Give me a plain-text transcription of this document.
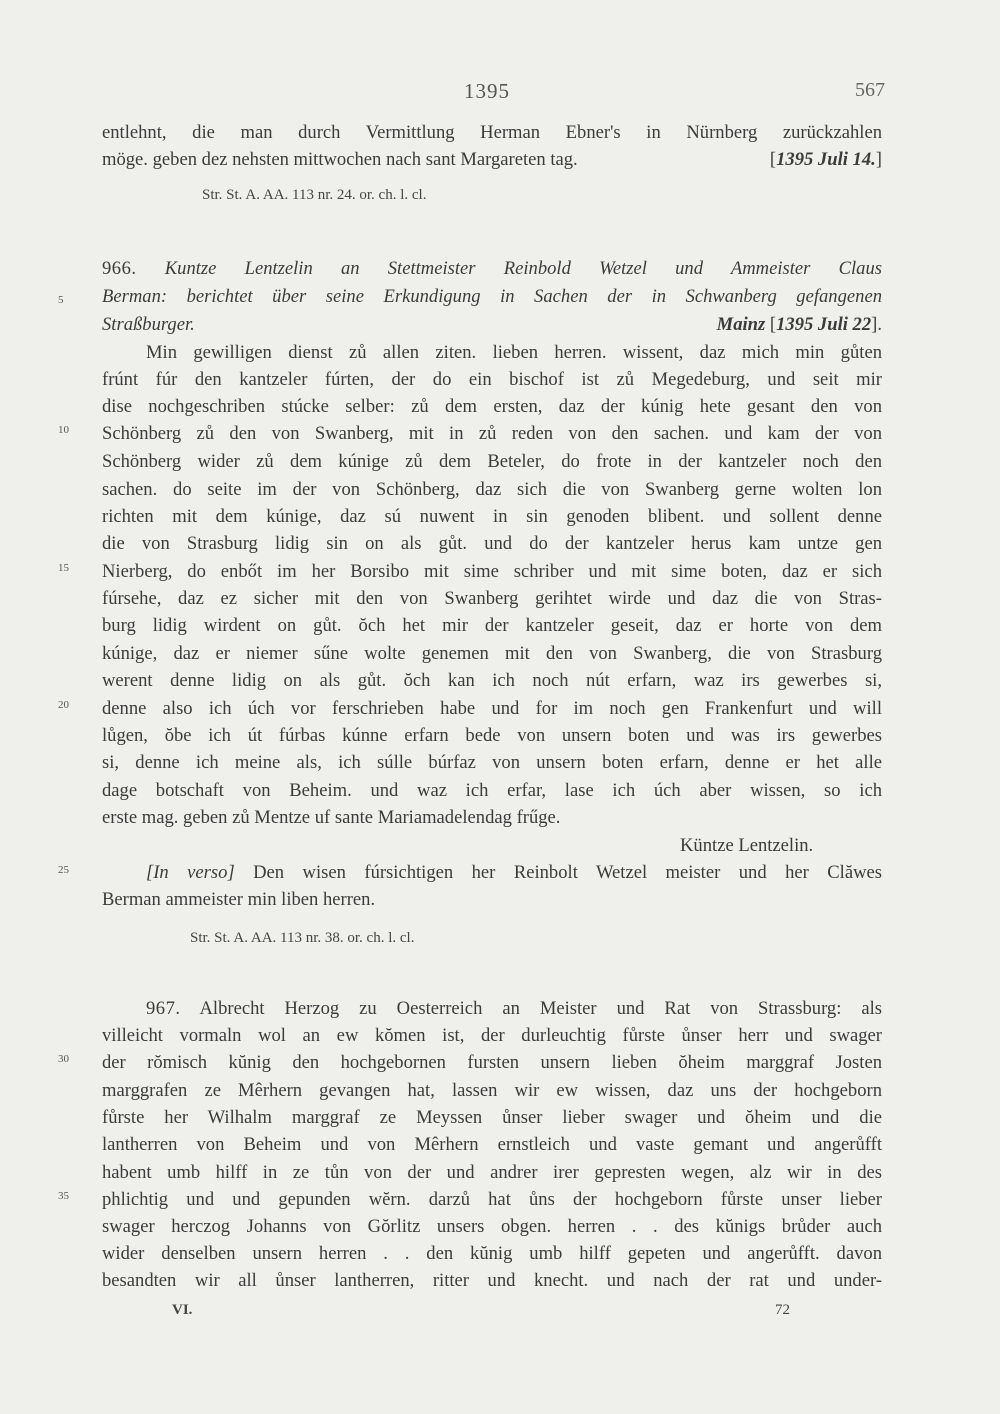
1395	567
entlehnt, die man durch Vermittlung Herman Ebner's in Nürnberg zurückzahlen
möge. geben dez nehsten mittwochen nach sant Margareten tag.	[1395 Juli 14.]
Str. St. A. AA. 113 nr. 24. or. ch. l. cl.
966. Kuntze Lentzelin an Stettmeister Reinbold Wetzel und Ammeister Claus
5 Berman: berichtet über seine Erkundigung in Sachen der in Schwanberg gefangenen
Straßburger.	Mainz [1395 Juli 22].
Min gewilligen dienst zů allen ziten. lieben herren. wissent, daz mich min gůten
frúnt fúr den kantzeler fúrten, der do ein bischof ist zů Megedeburg, und seit mir
dise nochgeschriben stúcke selber: zů dem ersten, daz der kúnig hete gesant den von
10 Schönberg zů den von Swanberg, mit in zů reden von den sachen. und kam der von
Schönberg wider zů dem kúnige zů dem Beteler, do frote in der kantzeler noch den
sachen. do seite im der von Schönberg, daz sich die von Swanberg gerne wolten lon
richten mit dem kúnige, daz sú nuwent in sin genoden blibent. und sollent denne
die von Strasburg lidig sin on als gůt. und do der kantzeler herus kam untze gen
15 Nierberg, do enbőt im her Borsibo mit sime schriber und mit sime boten, daz er sich
fúrsehe, daz ez sicher mit den von Swanberg gerihtet wirde und daz die von Stras-
burg lidig wirdent on gůt. ŏch het mir der kantzeler geseit, daz er horte von dem
kúnige, daz er niemer sűne wolte genemen mit den von Swanberg, die von Strasburg
werent denne lidig on als gůt. ŏch kan ich noch nút erfarn, waz irs gewerbes si,
20 denne also ich úch vor ferschrieben habe und for im noch gen Frankenfurt und will
lůgen, ŏbe ich út fúrbas kúnne erfarn bede von unsern boten und was irs gewerbes
si, denne ich meine als, ich súlle búrfaz von unsern boten erfarn, denne er het alle
dage botschaft von Beheim. und waz ich erfar, lase ich úch aber wissen, so ich
erste mag. geben zů Mentze uf sante Mariamadelendag frűge.
Küntze Lentzelin.
25	[In verso] Den wisen fúrsichtigen her Reinbolt Wetzel meister und her Clăwes
Berman ammeister min liben herren.
Str. St. A. AA. 113 nr. 38. or. ch. l. cl.
967. Albrecht Herzog zu Oesterreich an Meister und Rat von Strassburg: als
villeicht vormaln wol an ew kŏmen ist, der durleuchtig fůrste ůnser herr und swager
30 der rŏmisch kŭnig den hochgebornen fursten unsern lieben ŏheim marggraf Josten
marggrafen ze Mêrhern gevangen hat, lassen wir ew wissen, daz uns der hochgeborn
fůrste her Wilhalm marggraf ze Meyssen ůnser lieber swager und ŏheim und die
lantherren von Beheim und von Mêrhern ernstleich und vaste gemant und angerůfft
habent umb hilff in ze tůn von der und andrer irer gepresten wegen, alz wir in des
35 phlichtig und und gepunden wĕrn. darzů hat ůns der hochgeborn fůrste unser lieber
swager herczog Johanns von Gŏrlitz unsers obgen. herren . . des kŭnigs brůder auch
wider denselben unsern herren . . den kŭnig umb hilff gepeten und angerůfft. davon
besandten wir all ůnser lantherren, ritter und knecht. und nach der rat und under-
VI.	72
